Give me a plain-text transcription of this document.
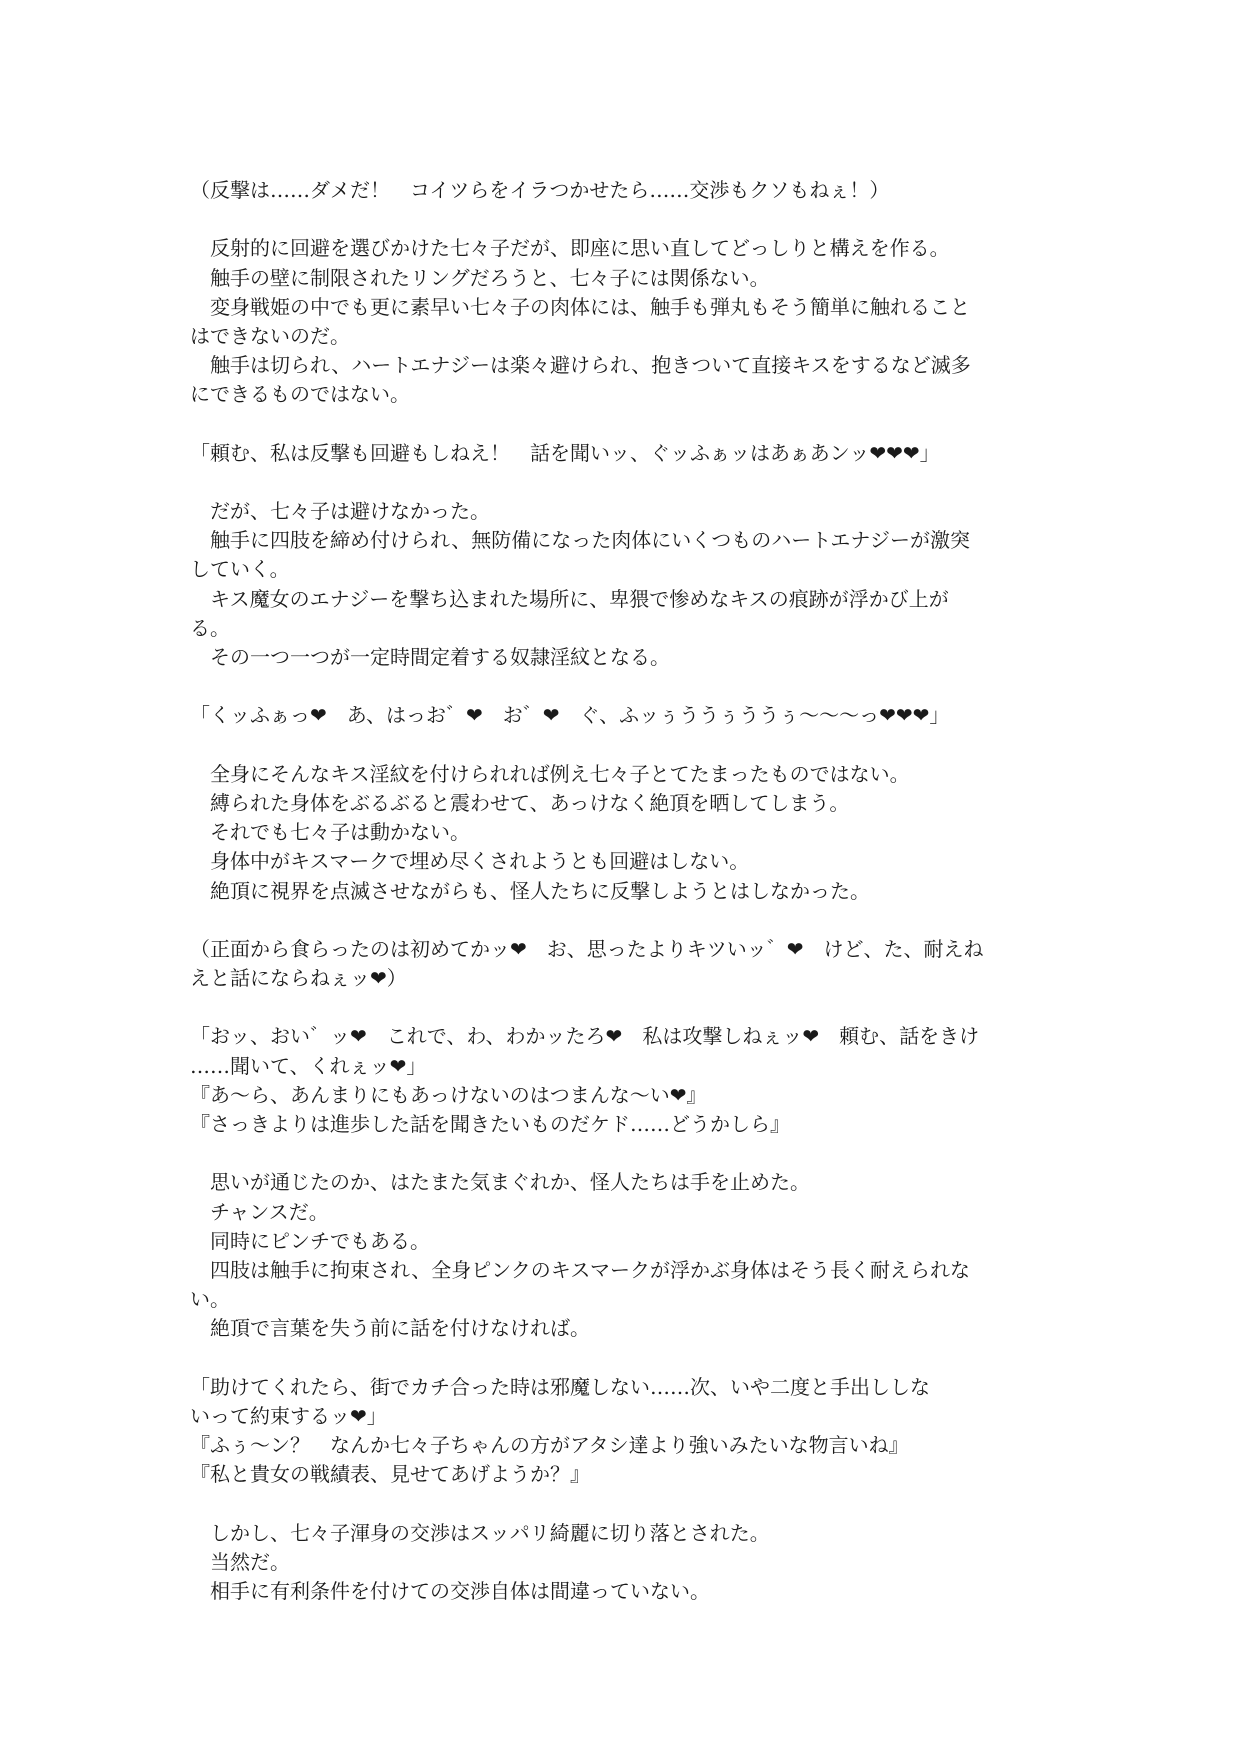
（反撃は……ダメだ！　コイツらをイラつかせたら……交渉もクソもねぇ！）
　反射的に回避を選びかけた七々子だが、即座に思い直してどっしりと構えを作る。
　触手の壁に制限されたリングだろうと、七々子には関係ない。
　変身戦姫の中でも更に素早い七々子の肉体には、触手も弾丸もそう簡単に触れること
はできないのだ。
　触手は切られ、ハートエナジーは楽々避けられ、抱きついて直接キスをするなど滅多
にできるものではない。
「頼む、私は反撃も回避もしねえ！　話を聞いッ、ぐッふぁッはあぁあンッ❤❤❤」
　だが、七々子は避けなかった。
　触手に四肢を締め付けられ、無防備になった肉体にいくつものハートエナジーが激突
していく。
　キス魔女のエナジーを撃ち込まれた場所に、卑猥で惨めなキスの痕跡が浮かび上が
る。
　その一つ一つが一定時間定着する奴隷淫紋となる。
「くッふぁっ❤　あ、はっお゛❤　お゛❤　ぐ、ふッぅううぅううぅ〜〜〜っ❤❤❤」
　全身にそんなキス淫紋を付けられれば例え七々子とてたまったものではない。
　縛られた身体をぶるぶると震わせて、あっけなく絶頂を晒してしまう。
　それでも七々子は動かない。
　身体中がキスマークで埋め尽くされようとも回避はしない。
　絶頂に視界を点滅させながらも、怪人たちに反撃しようとはしなかった。
（正面から食らったのは初めてかッ❤　お、思ったよりキツいッ゛❤　けど、た、耐えね
えと話にならねぇッ❤）
「おッ、おい゛ッ❤　これで、わ、わかッたろ❤　私は攻撃しねぇッ❤　頼む、話をきけ
……聞いて、くれぇッ❤」
『あ〜ら、あんまりにもあっけないのはつまんな〜い❤』
『さっきよりは進歩した話を聞きたいものだケド……どうかしら』
　思いが通じたのか、はたまた気まぐれか、怪人たちは手を止めた。
　チャンスだ。
　同時にピンチでもある。
　四肢は触手に拘束され、全身ピンクのキスマークが浮かぶ身体はそう長く耐えられな
い。
　絶頂で言葉を失う前に話を付けなければ。
「助けてくれたら、街でカチ合った時は邪魔しない……次、いや二度と手出ししな
いって約束するッ❤」
『ふぅ〜ン？　なんか七々子ちゃんの方がアタシ達より強いみたいな物言いね』
『私と貴女の戦績表、見せてあげようか？』
　しかし、七々子渾身の交渉はスッパリ綺麗に切り落とされた。
　当然だ。
　相手に有利条件を付けての交渉自体は間違っていない。
